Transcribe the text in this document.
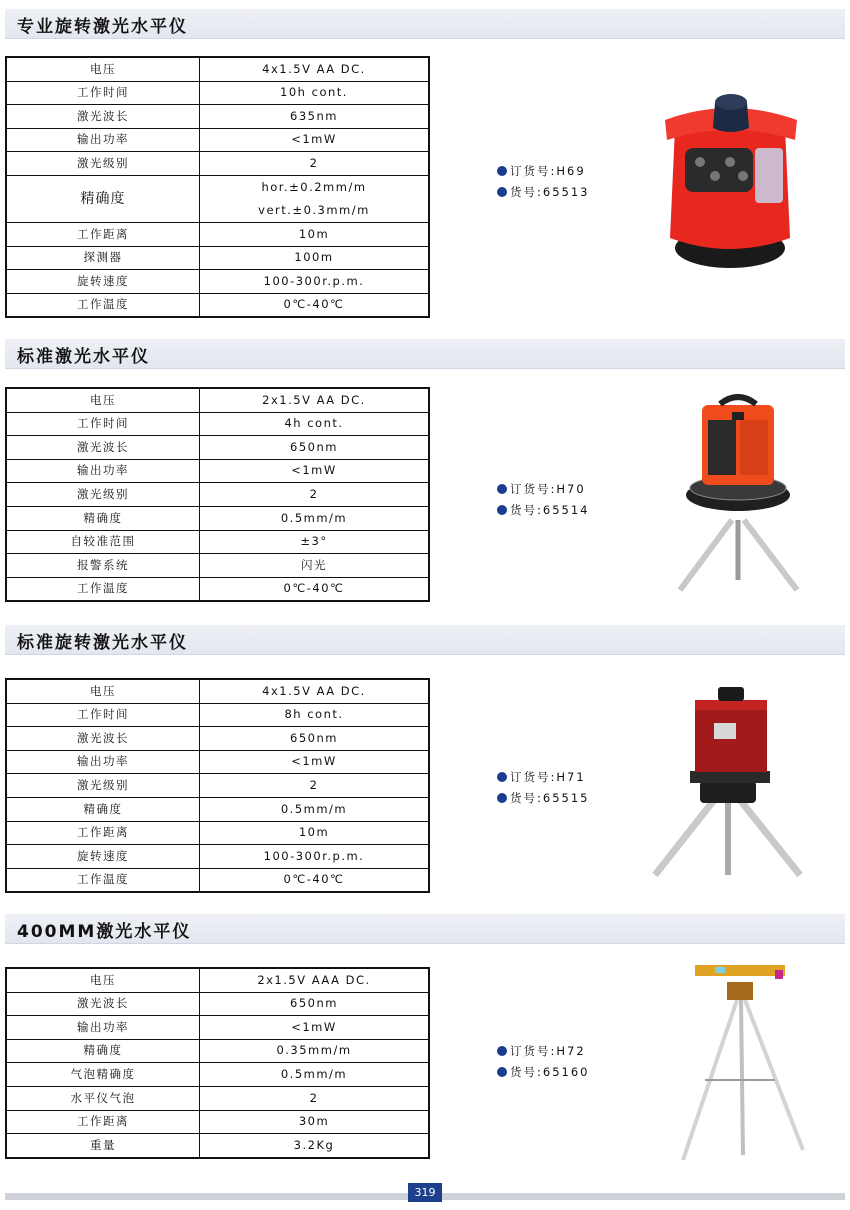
专业旋转激光水平仪
电压	4x1.5V AA DC.
工作时间	10h cont.
激光波长	635nm
输出功率	<1mW
激光级别	2
精确度	hor.±0.2mm/m
vert.±0.3mm/m

工作距离	10m
探测器	100m
旋转速度	100-300r.p.m.
工作温度	0℃-40℃
订货号:H69
货号:65513
标准激光水平仪
电压	2x1.5V AA DC.
工作时间	4h cont.
激光波长	650nm
输出功率	<1mW
激光级别	2
精确度	0.5mm/m
自较准范围	±3°
报警系统	闪光
工作温度	0℃-40℃
订货号:H70
货号:65514
标准旋转激光水平仪
电压	4x1.5V AA DC.
工作时间	8h cont.
激光波长	650nm
输出功率	<1mW
激光级别	2
精确度	0.5mm/m
工作距离	10m
旋转速度	100-300r.p.m.
工作温度	0℃-40℃
订货号:H71
货号:65515
400MM激光水平仪
电压	2x1.5V AAA DC.
激光波长	650nm
输出功率	<1mW
精确度	0.35mm/m
气泡精确度	0.5mm/m
水平仪气泡	2
工作距离	30m
重量	3.2Kg
订货号:H72
货号:65160
319
